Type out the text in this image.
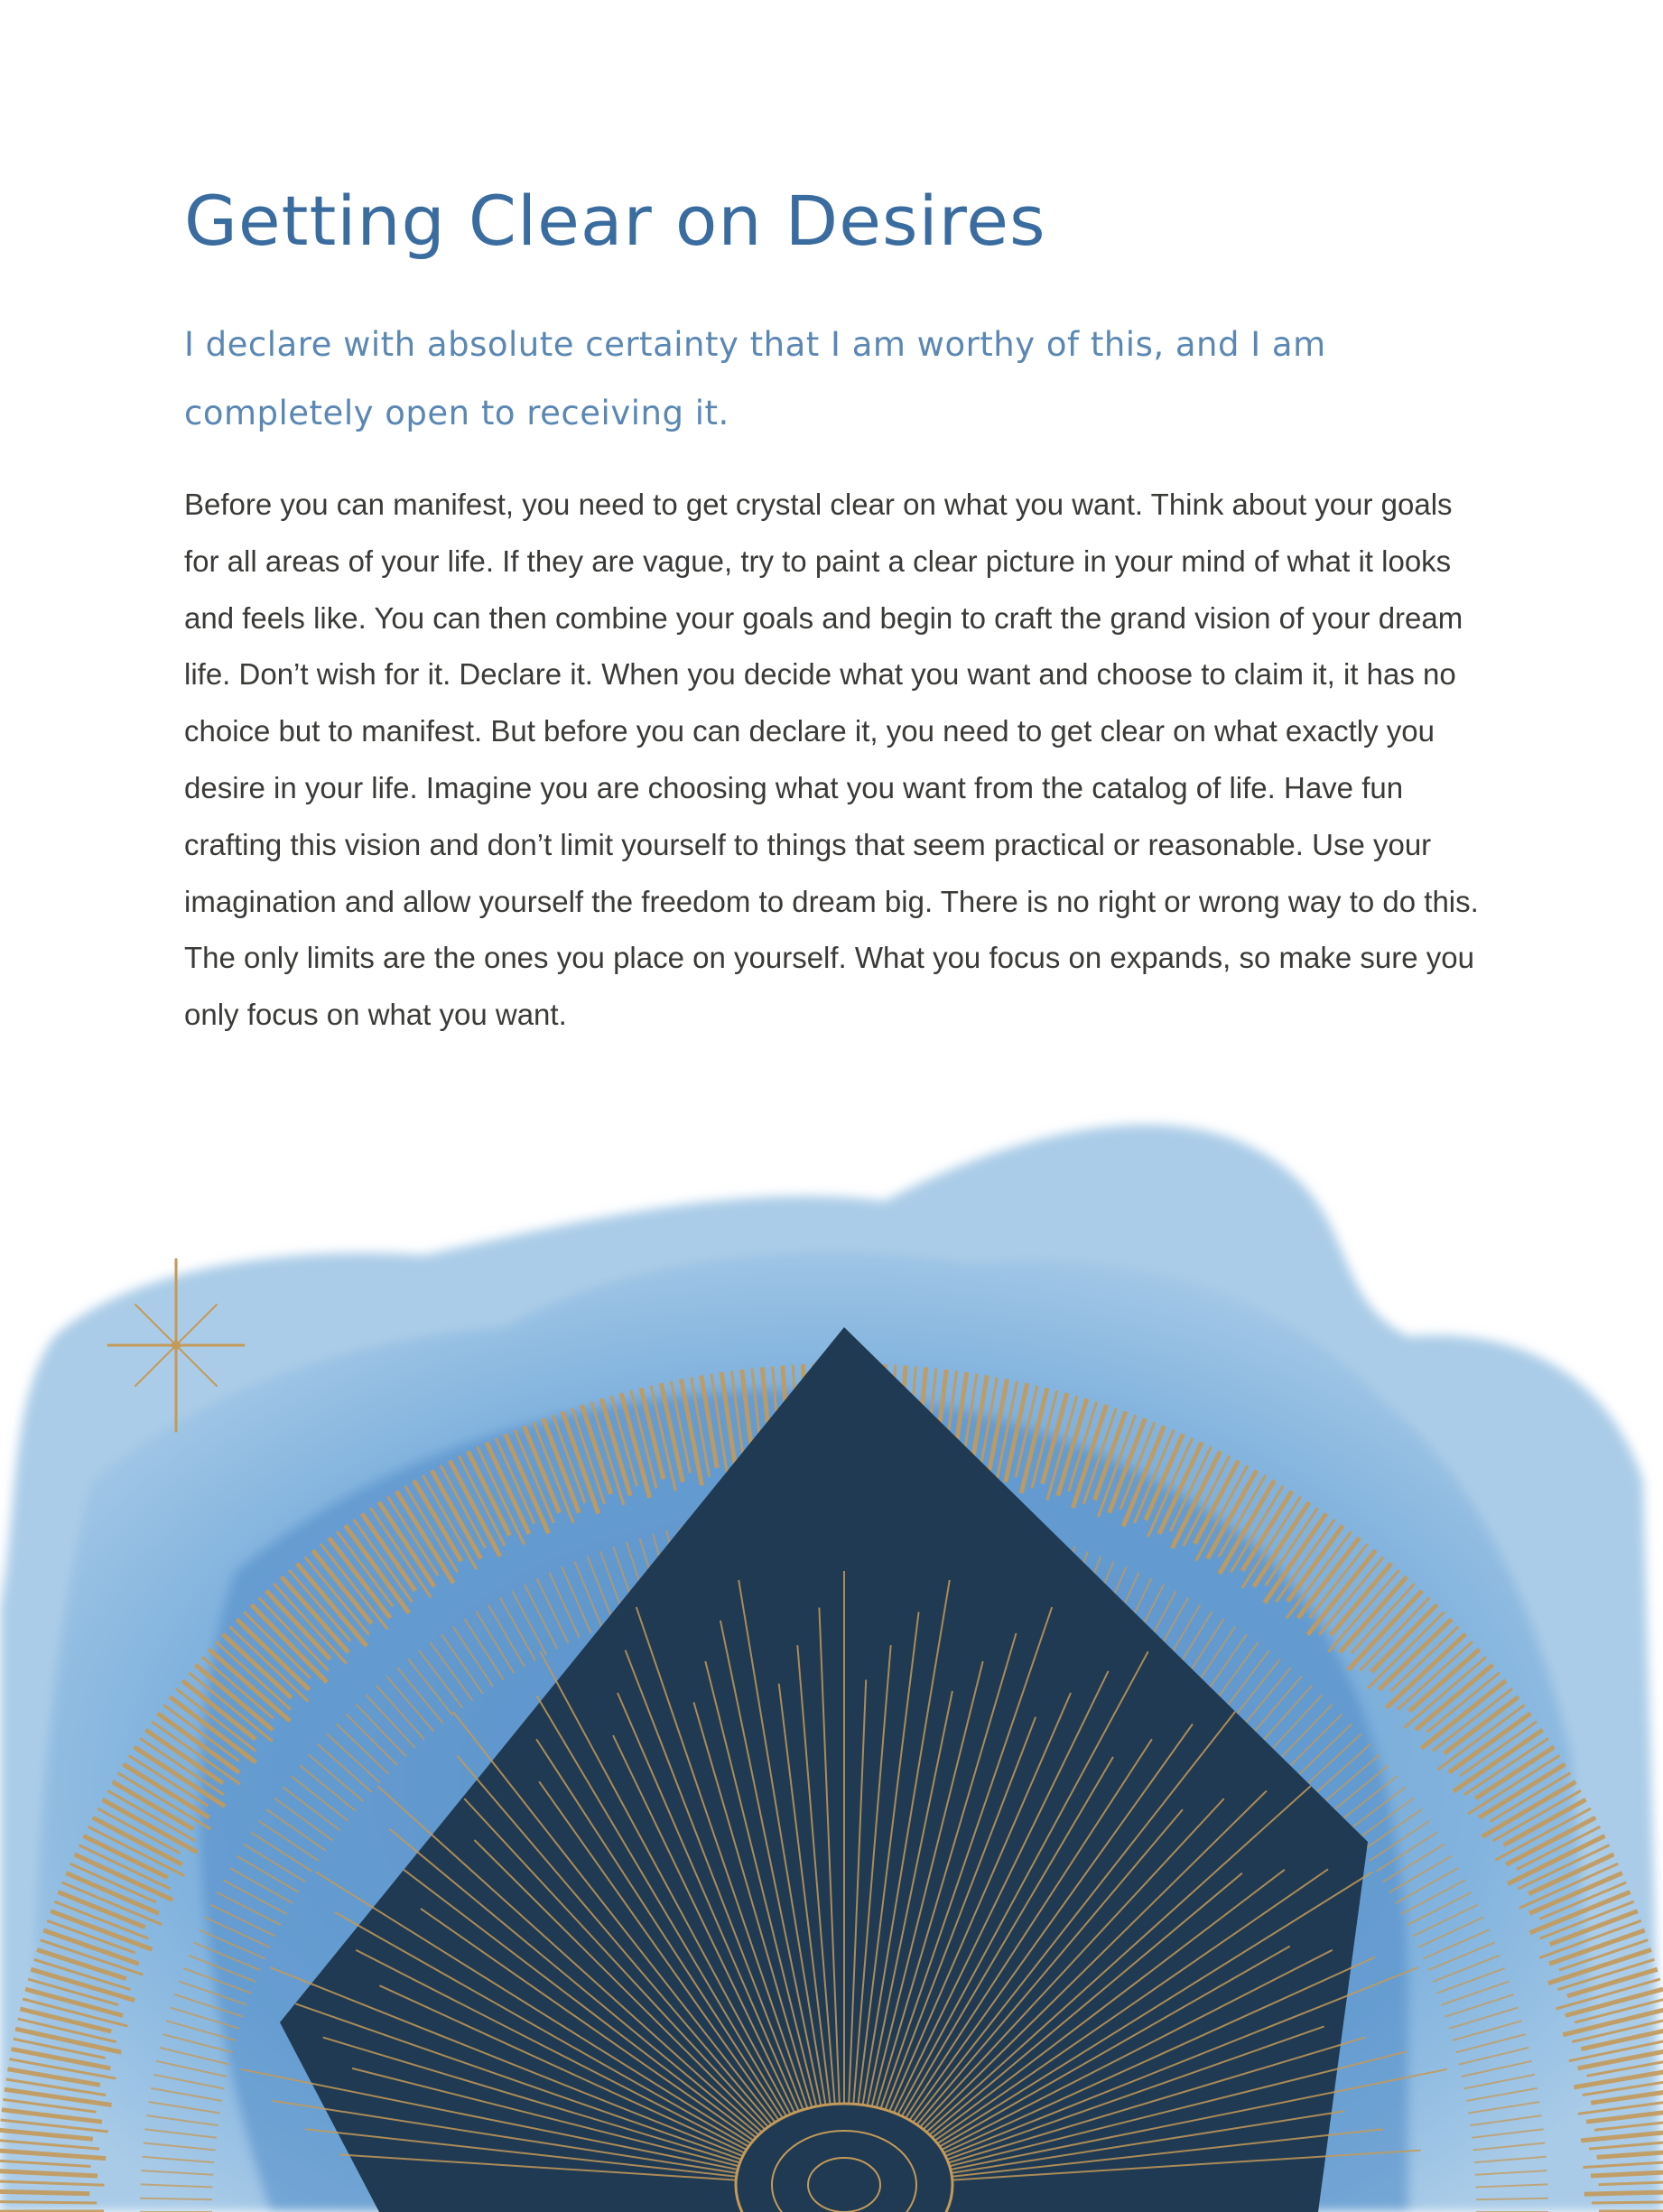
Getting Clear on Desires

I declare with absolute certainty that I am worthy of this, and I am completely open to receiving it.

Before you can manifest, you need to get crystal clear on what you want. Think about your goals for all areas of your life. If they are vague, try to paint a clear picture in your mind of what it looks and feels like. You can then combine your goals and begin to craft the grand vision of your dream life. Don’t wish for it. Declare it. When you decide what you want and choose to claim it, it has no choice but to manifest. But before you can declare it, you need to get clear on what exactly you desire in your life. Imagine you are choosing what you want from the catalog of life. Have fun crafting this vision and don’t limit yourself to things that seem practical or reasonable. Use your imagination and allow yourself the freedom to dream big. There is no right or wrong way to do this. The only limits are the ones you place on yourself. What you focus on expands, so make sure you only focus on what you want.
